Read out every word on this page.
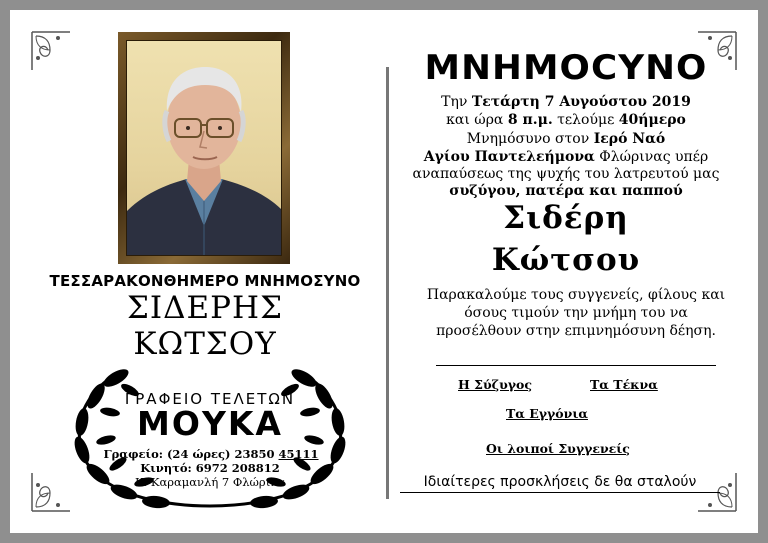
ΤΕΣΣΑΡΑΚΟΝΘΗΜΕΡΟ ΜΝΗΜΟΣΥΝΟ
ΣΙΔΕΡΗΣ
ΚΩΤΣΟΥ
ΓΡΑΦΕΙΟ ΤΕΛΕΤΩΝ
ΜΟΥΚΑ
Γραφείο: (24 ώρες) 23850 45111
Κινητό: 6972 208812
Κ. Καραμανλή 7 Φλώρινα
ΜΝΗΜΟCΥΝΟ
Την Τετάρτη 7 Αυγούστου 2019
και ώρα 8 π.μ. τελούμε 40ήμερο
Μνημόσυνο στον Ιερό Ναό
Αγίου Παντελεήμονα Φλώρινας υπέρ
αναπαύσεως της ψυχής του λατρευτού μας
συζύγου, πατέρα και παππού
Σιδέρη
Κώτσου
Παρακαλούμε τους συγγενείς, φίλους και όσους τιμούν την μνήμη του να προσέλθουν στην επιμνημόσυνη δέηση.
Η Σύζυγος	Τα Τέκνα
Τα Εγγόνια
Οι λοιποί Συγγενείς
Ιδιαίτερες προσκλήσεις δε θα σταλούν
